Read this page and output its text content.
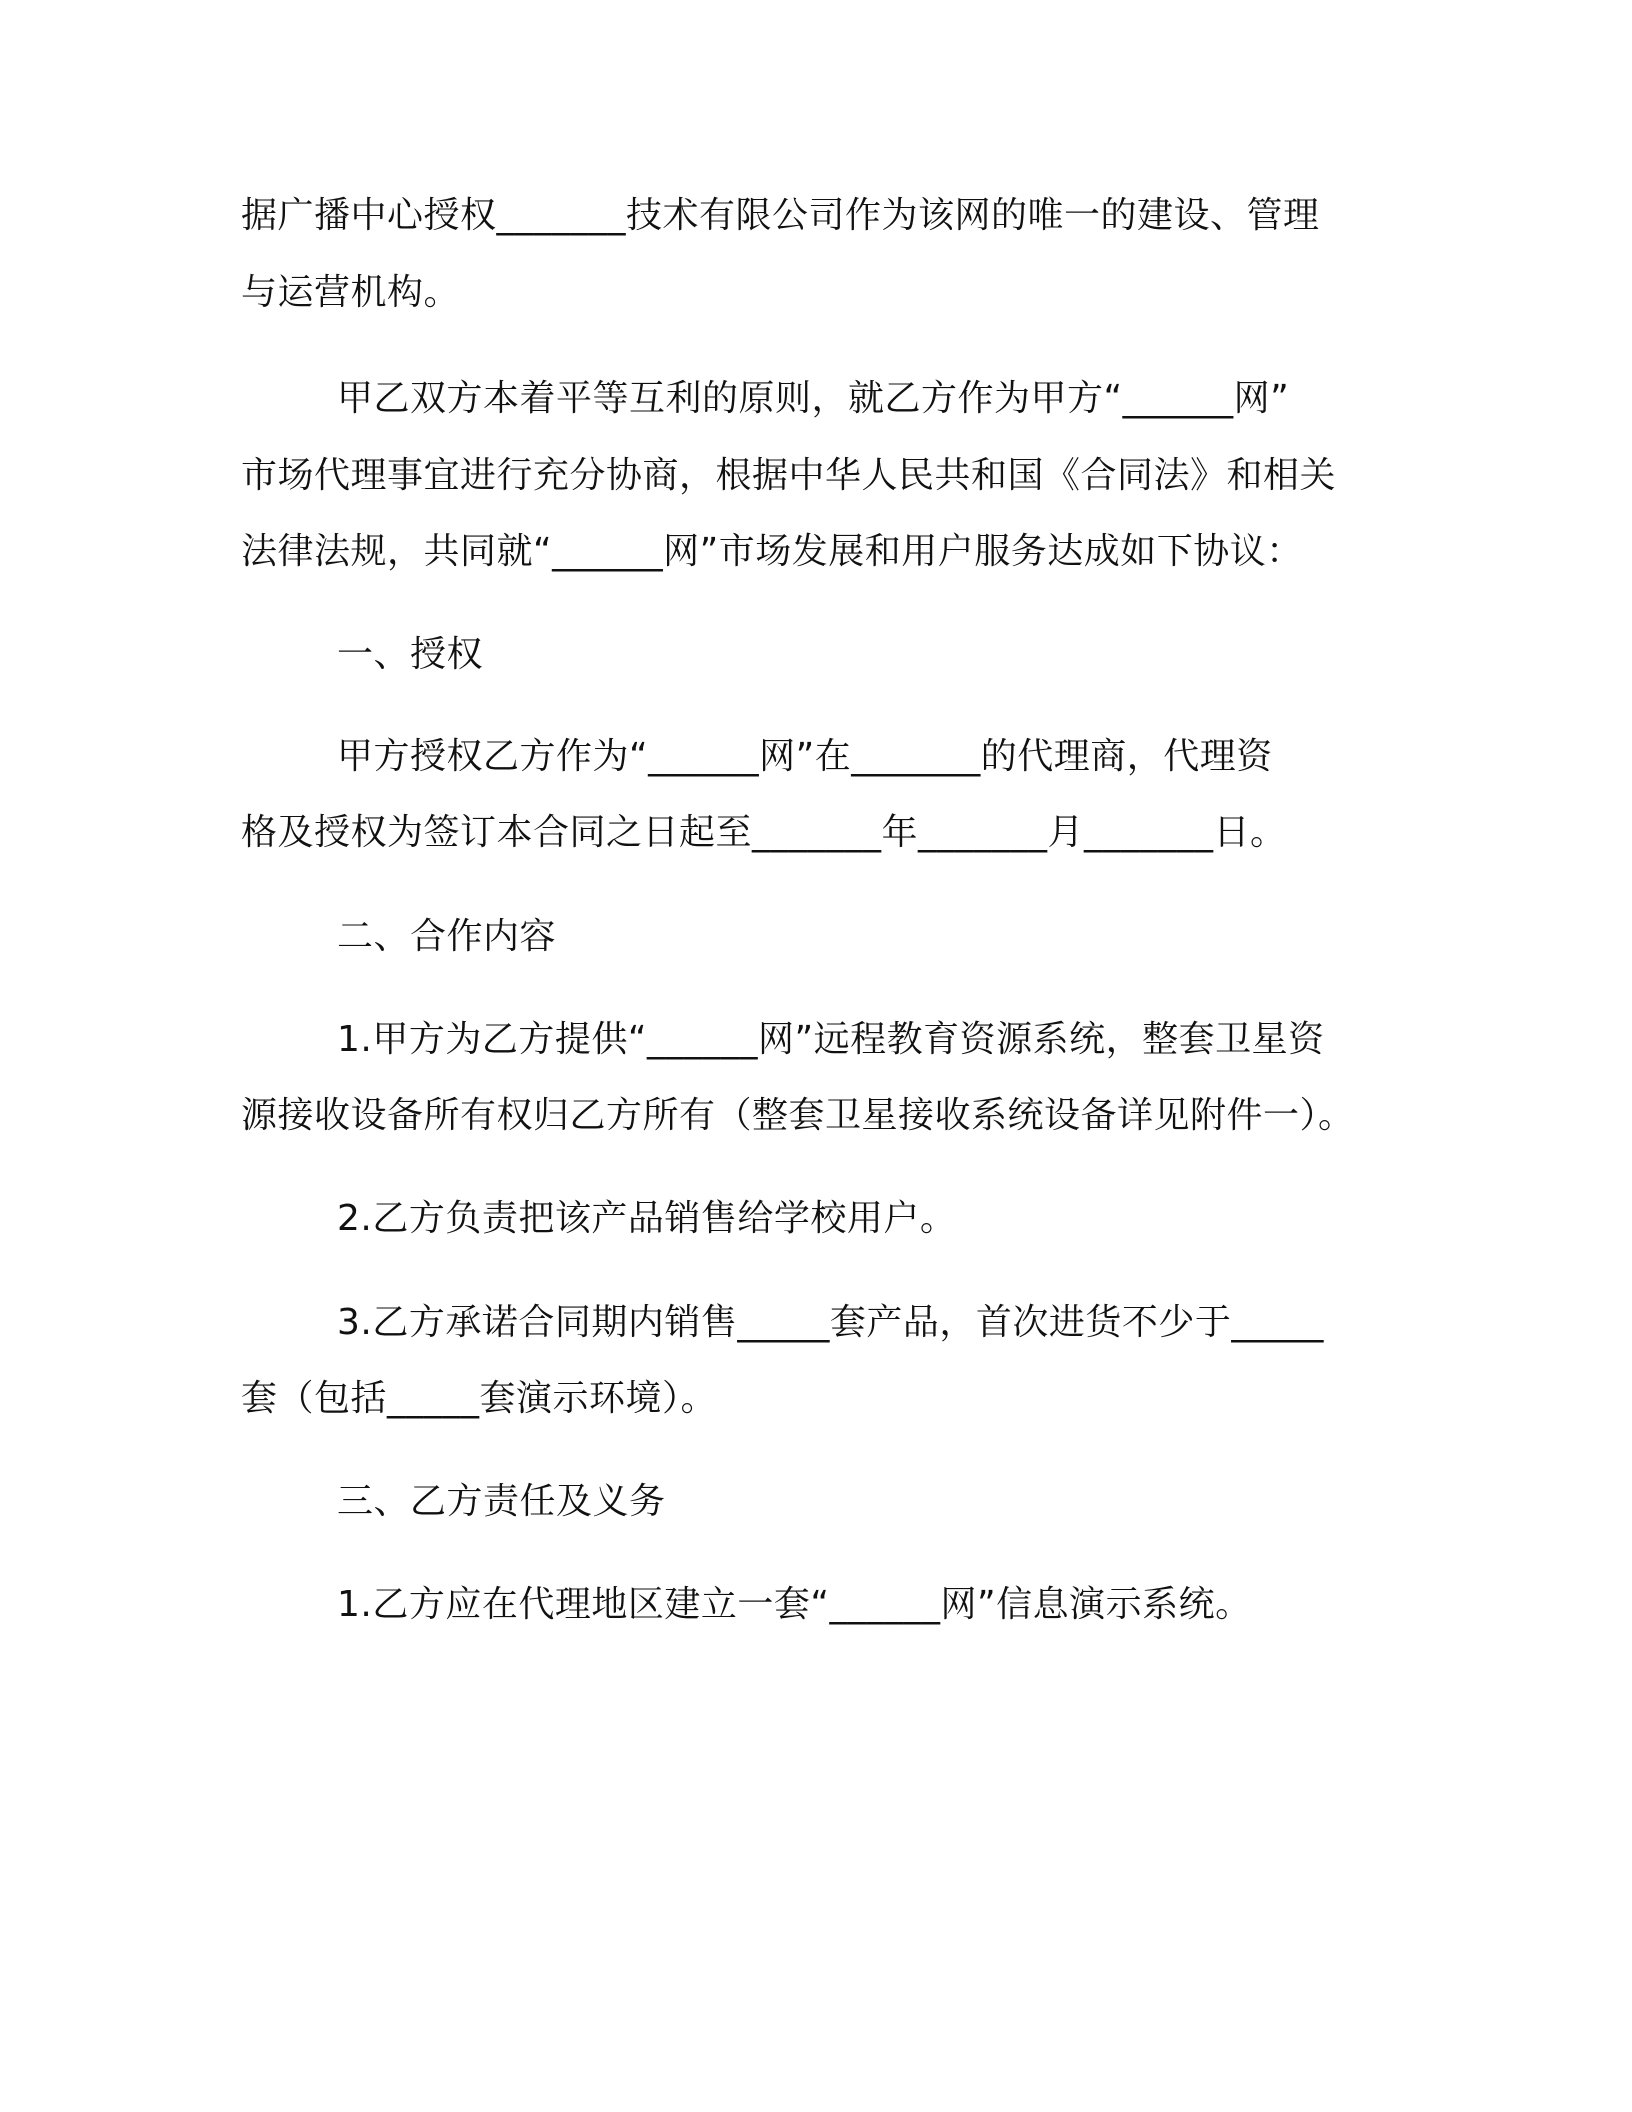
据广播中心授权_______技术有限公司作为该网的唯一的建设、管理
与运营机构。
甲乙双方本着平等互利的原则，就乙方作为甲方“______网”
市场代理事宜进行充分协商，根据中华人民共和国《合同法》和相关
法律法规，共同就“______网”市场发展和用户服务达成如下协议：
一、授权
甲方授权乙方作为“______网”在_______的代理商，代理资
格及授权为签订本合同之日起至_______年_______月_______日。
二、合作内容
1.甲方为乙方提供“______网”远程教育资源系统，整套卫星资
源接收设备所有权归乙方所有（整套卫星接收系统设备详见附件一）。
2.乙方负责把该产品销售给学校用户。
3.乙方承诺合同期内销售_____套产品，首次进货不少于_____
套（包括_____套演示环境）。
三、乙方责任及义务
1.乙方应在代理地区建立一套“______网”信息演示系统。
